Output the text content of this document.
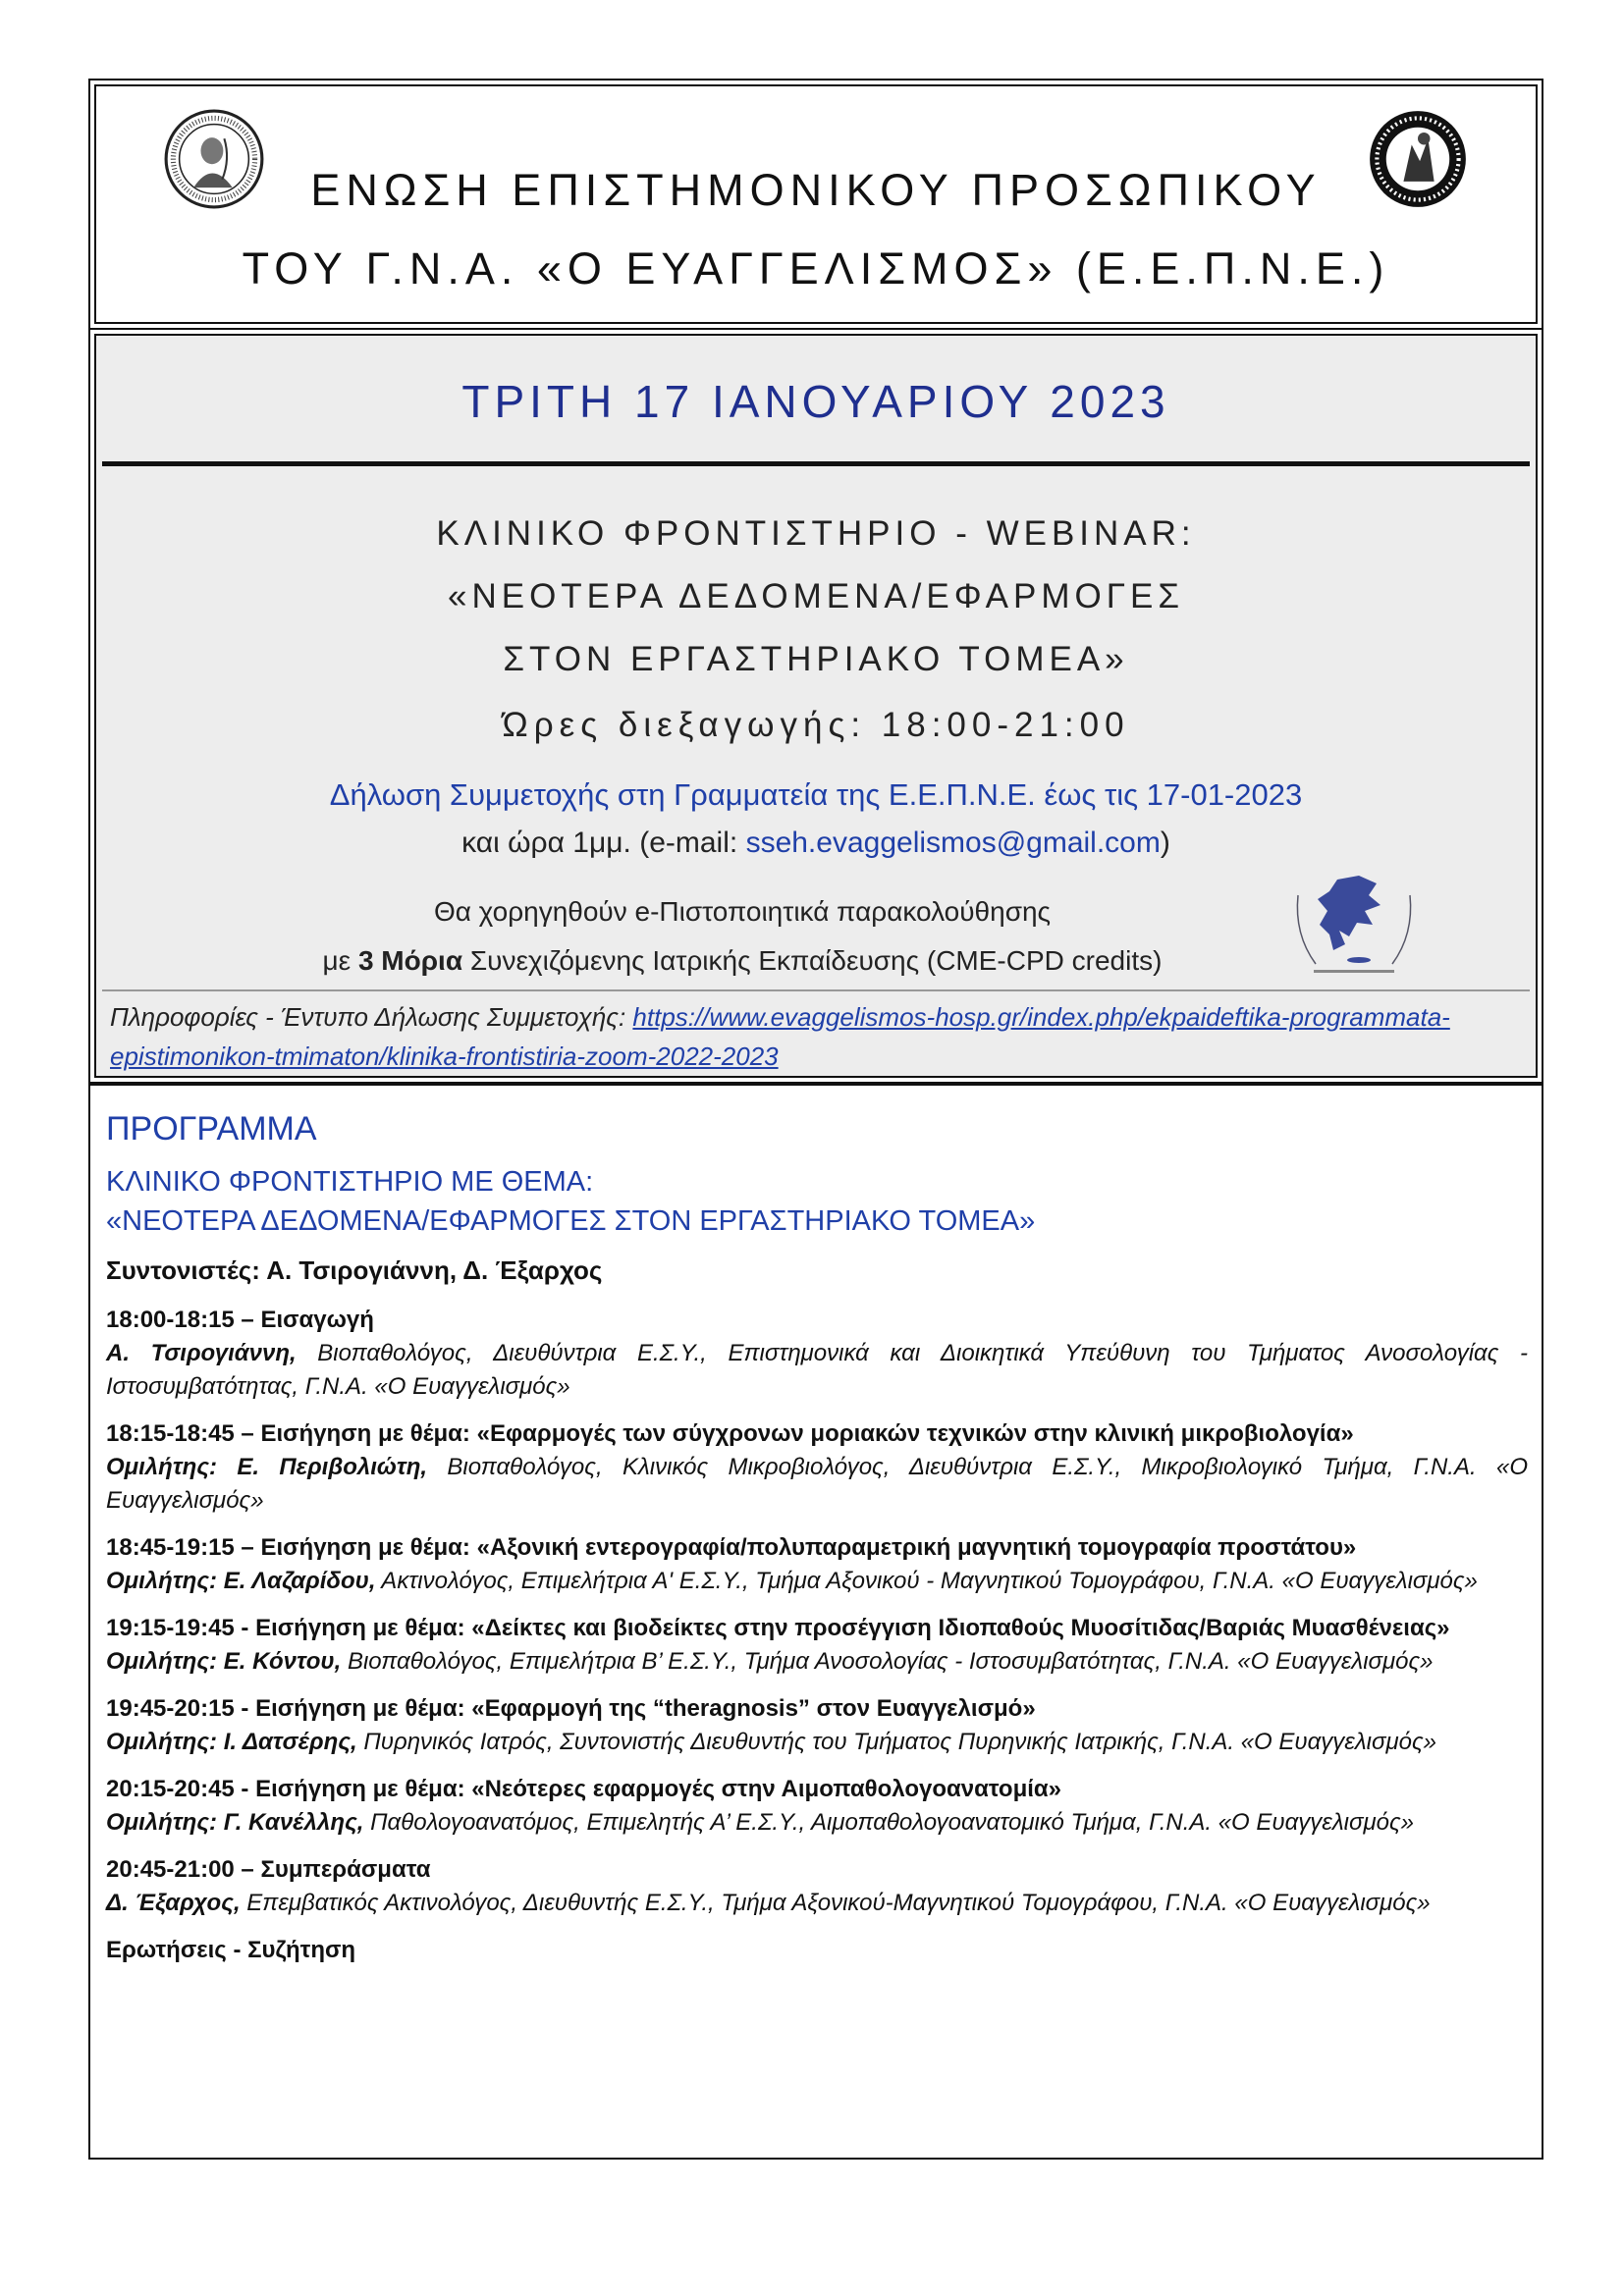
ΕΝΩΣΗ ΕΠΙΣΤΗΜΟΝΙΚΟΥ ΠΡΟΣΩΠΙΚΟΥ
ΤΟΥ Γ.Ν.Α. «Ο ΕΥΑΓΓΕΛΙΣΜΟΣ» (Ε.Ε.Π.Ν.Ε.)
ΤΡΙΤΗ 17 ΙΑΝΟΥΑΡΙΟΥ 2023
ΚΛΙΝΙΚΟ ΦΡΟΝΤΙΣΤΗΡΙΟ - WEBINAR:
«ΝΕΟΤΕΡΑ ΔΕΔΟΜΕΝΑ/ΕΦΑΡΜΟΓΕΣ
ΣΤΟΝ ΕΡΓΑΣΤΗΡΙΑΚΟ ΤΟΜΕΑ»
Ώρες διεξαγωγής: 18:00-21:00
Δήλωση Συμμετοχής στη Γραμματεία της Ε.Ε.Π.Ν.Ε. έως τις 17-01-2023
και ώρα 1μμ. (e-mail: sseh.evaggelismos@gmail.com)
Θα χορηγηθούν e-Πιστοποιητικά παρακολούθησης
με 3 Μόρια Συνεχιζόμενης Ιατρικής Εκπαίδευσης (CME-CPD credits)
Πληροφορίες - Έντυπο Δήλωσης Συμμετοχής: https://www.evaggelismos-hosp.gr/index.php/ekpaideftika-programmata-epistimonikon-tmimaton/klinika-frontistiria-zoom-2022-2023
ΠΡΟΓΡΑΜΜΑ
ΚΛΙΝΙΚΟ ΦΡΟΝΤΙΣΤΗΡΙΟ ΜΕ ΘΕΜΑ:
«ΝΕΟΤΕΡΑ ΔΕΔΟΜΕΝΑ/ΕΦΑΡΜΟΓΕΣ ΣΤΟΝ ΕΡΓΑΣΤΗΡΙΑΚΟ ΤΟΜΕΑ»
Συντονιστές: Α. Τσιρογιάννη, Δ. Έξαρχος
18:00-18:15 – Εισαγωγή
Α. Τσιρογιάννη, Βιοπαθολόγος, Διευθύντρια Ε.Σ.Υ., Επιστημονικά και Διοικητικά Υπεύθυνη του Τμήματος Ανοσολογίας - Ιστοσυμβατότητας, Γ.Ν.Α. «Ο Ευαγγελισμός»
18:15-18:45 – Εισήγηση με θέμα: «Εφαρμογές των σύγχρονων μοριακών τεχνικών στην κλινική μικροβιολογία»
Ομιλήτης: Ε. Περιβολιώτη, Βιοπαθολόγος, Κλινικός Μικροβιολόγος, Διευθύντρια Ε.Σ.Υ., Μικροβιολογικό Τμήμα, Γ.Ν.Α. «Ο Ευαγγελισμός»
18:45-19:15 – Εισήγηση με θέμα: «Αξονική εντερογραφία/πολυπαραμετρική μαγνητική τομογραφία προστάτου»
Ομιλήτης: Ε. Λαζαρίδου, Ακτινολόγος, Επιμελήτρια Α' Ε.Σ.Υ., Τμήμα Αξονικού - Μαγνητικού Τομογράφου, Γ.Ν.Α. «Ο Ευαγγελισμός»
19:15-19:45 - Εισήγηση με θέμα: «Δείκτες και βιοδείκτες στην προσέγγιση Ιδιοπαθούς Μυοσίτιδας/Βαριάς Μυασθένειας»
Ομιλήτης: Ε. Κόντου, Βιοπαθολόγος, Επιμελήτρια Β’ Ε.Σ.Υ., Τμήμα Ανοσολογίας - Ιστοσυμβατότητας, Γ.Ν.Α. «Ο Ευαγγελισμός»
19:45-20:15 - Εισήγηση με θέμα: «Εφαρμογή της “theragnosis” στον Ευαγγελισμό»
Ομιλήτης: Ι. Δατσέρης, Πυρηνικός Ιατρός, Συντονιστής Διευθυντής του Τμήματος Πυρηνικής Ιατρικής, Γ.Ν.Α. «Ο Ευαγγελισμός»
20:15-20:45 - Εισήγηση με θέμα: «Νεότερες εφαρμογές στην Αιμοπαθολογοανατομία»
Ομιλήτης: Γ. Κανέλλης, Παθολογοανατόμος, Επιμελητής Α’ Ε.Σ.Υ., Αιμοπαθολογοανατομικό Τμήμα, Γ.Ν.Α. «Ο Ευαγγελισμός»
20:45-21:00 – Συμπεράσματα
Δ. Έξαρχος, Επεμβατικός Ακτινολόγος, Διευθυντής Ε.Σ.Υ., Τμήμα Αξονικού-Μαγνητικού Τομογράφου, Γ.Ν.Α. «Ο Ευαγγελισμός»
Ερωτήσεις - Συζήτηση
